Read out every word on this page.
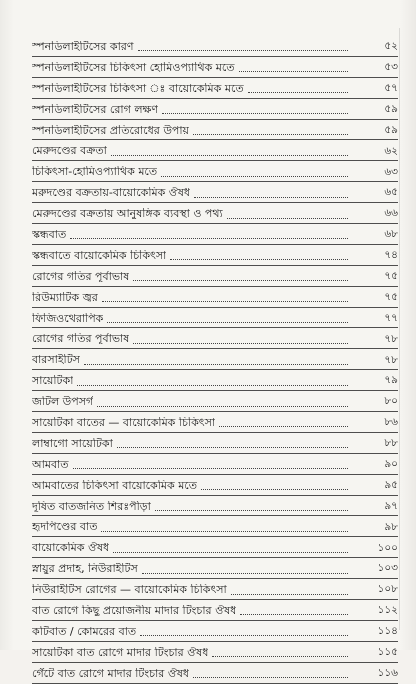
স্পনডিলাইটিসের কারণ	৫২
স্পনডিলাইটিসের চিকিৎসা হোমিওপ্যাথিক মতে	৫৩
স্পনডিলাইটিসের চিকিৎসা ঃ বায়োকেমিক মতে	৫৭
স্পনডিলাইটিসের রোগ লক্ষণ	৫৯
স্পনডিলাইটিসের প্রতিরোধের উপায়	৫৯
মেরুদণ্ডের বক্রতা	৬২
চিকিৎসা-হোমিওপ্যাথিক মতে	৬৩
মরুদণ্ডের বক্রতায়-বায়োকেমিক ঔষধ	৬৫
মেরুদণ্ডের বক্রতায় আনুষঙ্গিক ব্যবস্থা ও পথ্য	৬৬
স্কন্ধবাত	৬৮
স্কন্ধবাতে বায়োকেমিক চিকিৎসা	৭৪
রোগের গতির পূর্বাভাষ	৭৫
রিউম্যাটিক জ্বর	৭৫
ফিজিওথেরাপিক	৭৭
রোগের গতির পূর্বাভাষ	৭৮
বারসাইটিস	৭৮
সায়েটিকা	৭৯
জটিল উপসর্গ	৮০
সায়েটিকা বাতের — বায়োকেমিক চিকিৎসা	৮৬
লাম্বাগো সায়েটিকা	৮৮
আমবাত	৯০
আমবাতের চিকিৎসা বায়োকেমিক মতে	৯৫
দূষিত বাতজনিত শিরঃপীড়া	৯৭
হৃদপিণ্ডের বাত	৯৮
বায়োকেমিক ঔষধ	১০০
স্নায়ুর প্রদাহ, নিউরাইটিস	১০৩
নিউরাইটিস রোগের — বায়োকেমিক চিকিৎসা	১০৮
বাত রোগে কিছু প্রয়োজনীয় মাদার টিংচার ঔষধ	১১২
কটিবাত / কোমরের বাত	১১৪
সায়েটিকা বাত রোগে মাদার টিংচার ঔষধ	১১৫
গেঁটে বাত রোগে মাদার টিংচার ঔষধ	১১৬
